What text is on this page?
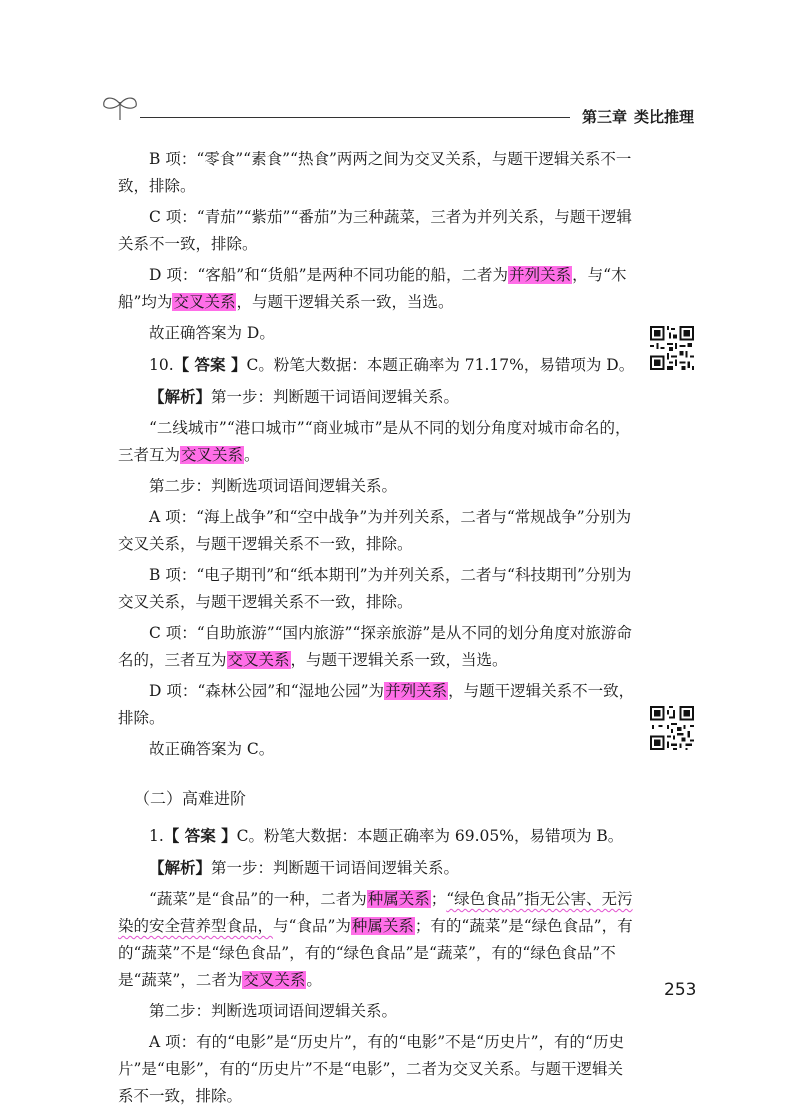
第三章 类比推理

B 项：“零食”“素食”“热食”两两之间为交叉关系，与题干逻辑关系不一致，排除。

C 项：“青茄”“紫茄”“番茄”为三种蔬菜，三者为并列关系，与题干逻辑关系不一致，排除。

D 项：“客船”和“货船”是两种不同功能的船，二者为并列关系，与“木船”均为交叉关系，与题干逻辑关系一致，当选。

故正确答案为 D。

10.【 答案 】C。粉笔大数据：本题正确率为 71.17%，易错项为 D。

【解析】第一步：判断题干词语间逻辑关系。

“二线城市”“港口城市”“商业城市”是从不同的划分角度对城市命名的，三者互为交叉关系。

第二步：判断选项词语间逻辑关系。

A 项：“海上战争”和“空中战争”为并列关系，二者与“常规战争”分别为交叉关系，与题干逻辑关系不一致，排除。

B 项：“电子期刊”和“纸本期刊”为并列关系，二者与“科技期刊”分别为交叉关系，与题干逻辑关系不一致，排除。

C 项：“自助旅游”“国内旅游”“探亲旅游”是从不同的划分角度对旅游命名的，三者互为交叉关系，与题干逻辑关系一致，当选。

D 项：“森林公园”和“湿地公园”为并列关系，与题干逻辑关系不一致，排除。

故正确答案为 C。

（二）高难进阶

1.【 答案 】C。粉笔大数据：本题正确率为 69.05%，易错项为 B。

【解析】第一步：判断题干词语间逻辑关系。

“蔬菜”是“食品”的一种，二者为种属关系；“绿色食品”指无公害、无污染的安全营养型食品，与“食品”为种属关系；有的“蔬菜”是“绿色食品”，有的“蔬菜”不是“绿色食品”，有的“绿色食品”是“蔬菜”，有的“绿色食品”不是“蔬菜”，二者为交叉关系。

第二步：判断选项词语间逻辑关系。

A 项：有的“电影”是“历史片”，有的“电影”不是“历史片”，有的“历史片”是“电影”，有的“历史片”不是“电影”，二者为交叉关系。与题干逻辑关系不一致，排除。

253
